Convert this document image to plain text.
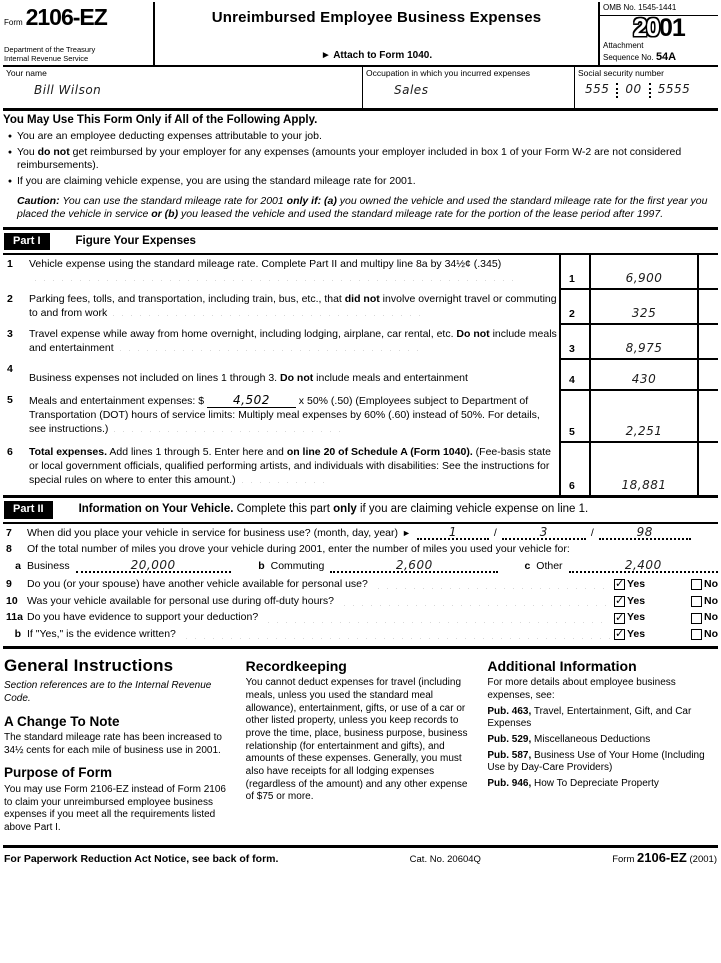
Form 2106-EZ
Department of the Treasury
Internal Revenue Service
Unreimbursed Employee Business Expenses
► Attach to Form 1040.
OMB No. 1545-1441
2001
Attachment
Sequence No. 54A
Your name
Bill Wilson
Occupation in which you incurred expenses
Sales
Social security number
555	00	5555
You May Use This Form Only if All of the Following Apply.
● You are an employee deducting expenses attributable to your job.
● You do not get reimbursed by your employer for any expenses (amounts your employer included in box 1 of your Form W-2 are not considered reimbursements).
● If you are claiming vehicle expense, you are using the standard mileage rate for 2001.
Caution: You can use the standard mileage rate for 2001 only if: (a) you owned the vehicle and used the standard mileage rate for the first year you placed the vehicle in service or (b) you leased the vehicle and used the standard mileage rate for the portion of the lease period after 1997.
Part I	Figure Your Expenses
1	Vehicle expense using the standard mileage rate. Complete Part II and multipy line 8a by 34½¢ (.345)
1	6,900
2	Parking fees, tolls, and transportation, including train, bus, etc., that did not involve overnight travel or commuting to and from work	2	325
3	Travel expense while away from home overnight, including lodging, airplane, car rental, etc. Do not include meals and entertainment	3	8,975
4
Business expenses not included on lines 1 through 3. Do not include meals and entertainment	4	430
5	Meals and entertainment expenses: $ 4,502 x 50% (.50) (Employees subject to Department of Transportation (DOT) hours of service limits: Multiply meal expenses by 60% (.60) instead of 50%. For details, see instructions.)	5	2,251
6	Total expenses. Add lines 1 through 5. Enter here and on line 20 of Schedule A (Form 1040). (Fee-basis state or local government officials, qualified performing artists, and individuals with disabilities: See the instructions for special rules on where to enter this amount.)
6	18,881
Part II	Information on Your Vehicle. Complete this part only if you are claiming vehicle expense on line 1.
7	When did you place your vehicle in service for business use? (month, day, year) ►	1	/	3	/	98
8	Of the total number of miles you drove your vehicle during 2001, enter the number of miles you used your vehicle for:
a Business	20,000	b Commuting	2,600	c Other	2,400
9	Do you (or your spouse) have another vehicle available for personal use? ✓	Yes	No
10 Was your vehicle available for personal use during off-duty hours? ✓	Yes	No
11a Do you have evidence to support your deduction? ✓	Yes	No
b If "Yes," is the evidence written? ✓	Yes	No
General Instructions

Section references are to the Internal Revenue Code.

A Change To Note

The standard mileage rate has been increased to 34½ cents for each mile of business use in 2001.

Purpose of Form

You may use Form 2106-EZ instead of Form 2106 to claim your unreimbursed employee business expenses if you meet all the requirements listed above Part I.

Recordkeeping

You cannot deduct expenses for travel (including meals, unless you used the standard meal allowance), entertainment, gifts, or use of a car or other listed property, unless you keep records to prove the time, place, business purpose, business relationship (for entertainment and gifts), and amounts of these expenses. Generally, you must also have receipts for all lodging expenses (regardless of the amount) and any other expense of $75 or more.

Additional Information

For more details about employee business expenses, see:

Pub. 463, Travel, Entertainment, Gift, and Car Expenses
Pub. 529, Miscellaneous Deductions
Pub. 587, Business Use of Your Home (Including Use by Day-Care Providers)
Pub. 946, How To Depreciate Property
For Paperwork Reduction Act Notice, see back of form.	Cat. No. 20604Q	Form 2106-EZ (2001)
